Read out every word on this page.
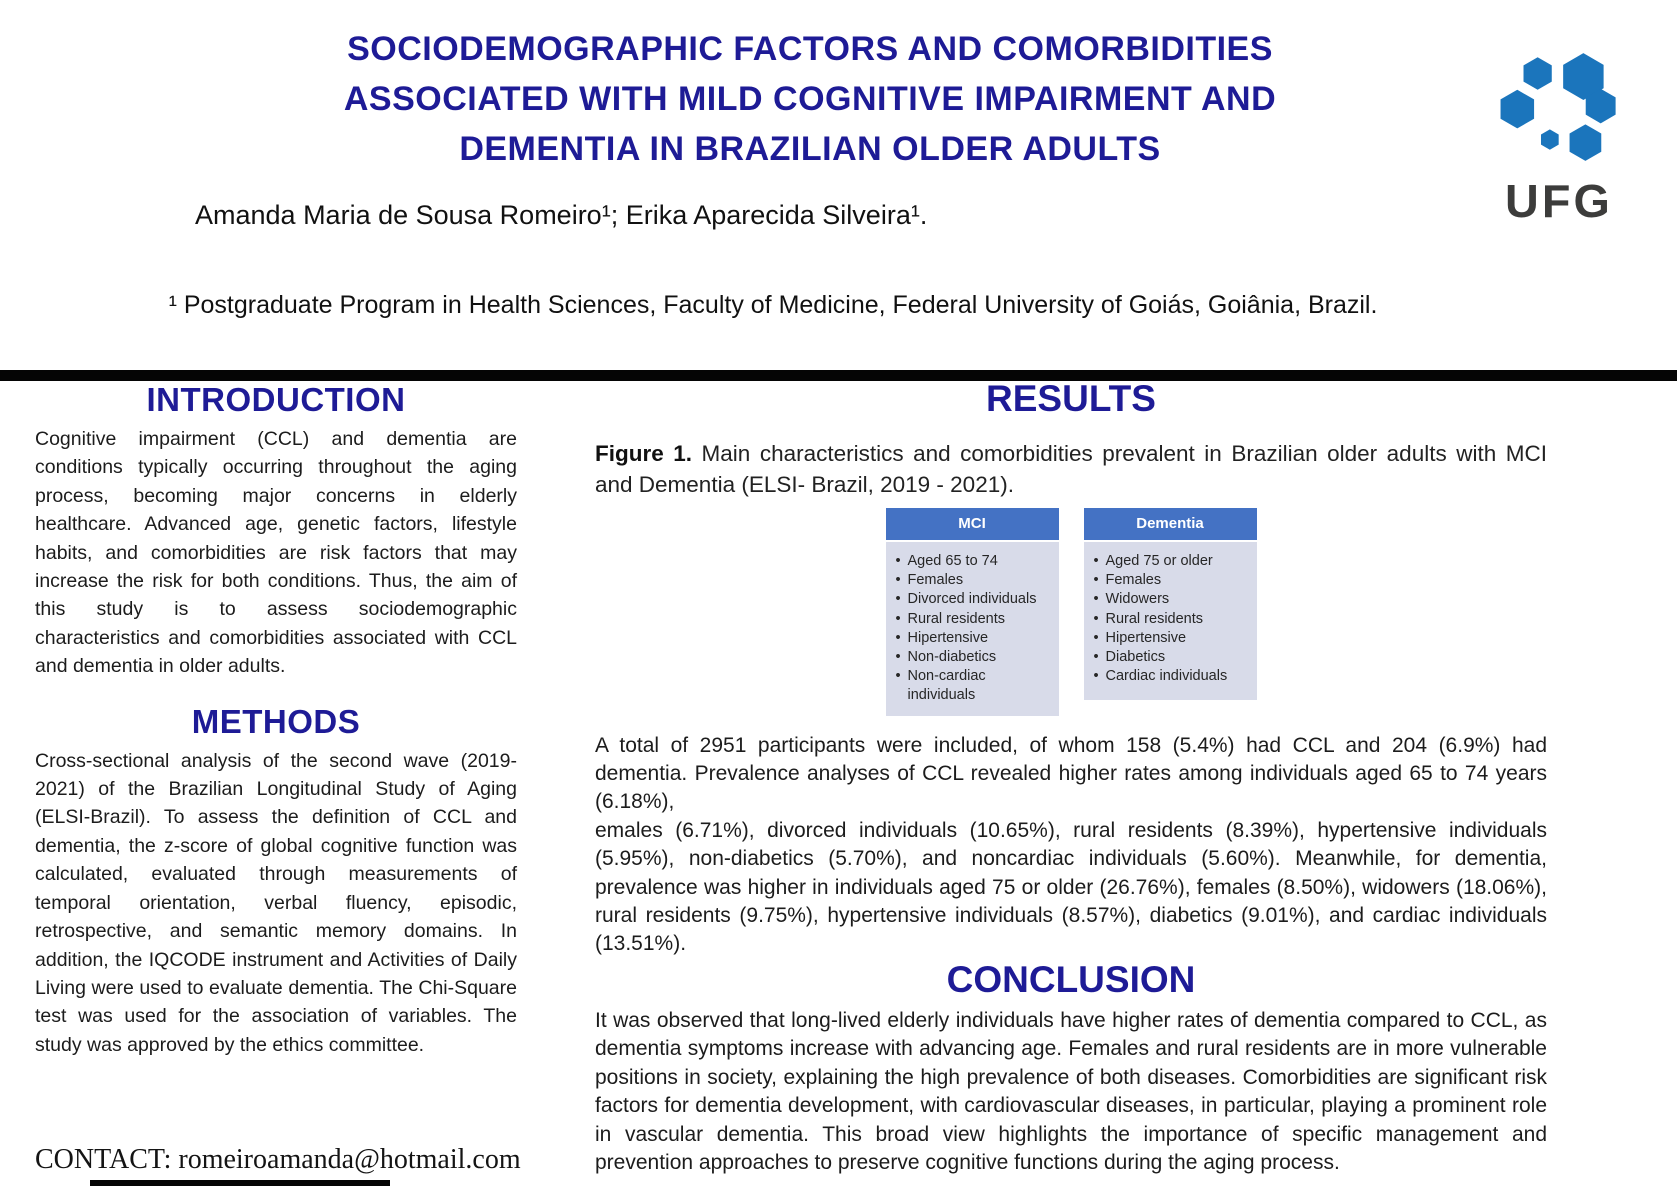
SOCIODEMOGRAPHIC FACTORS AND COMORBIDITIES
ASSOCIATED WITH MILD COGNITIVE IMPAIRMENT AND
DEMENTIA IN BRAZILIAN OLDER ADULTS
UFG
Amanda Maria de Sousa Romeiro¹; Erika Aparecida Silveira¹.
¹ Postgraduate Program in Health Sciences, Faculty of Medicine, Federal University of Goiás, Goiânia, Brazil.
INTRODUCTION

Cognitive impairment (CCL) and dementia are conditions typically occurring throughout the aging process, becoming major concerns in elderly healthcare. Advanced age, genetic factors, lifestyle habits, and comorbidities are risk factors that may increase the risk for both conditions. Thus, the aim of this study is to assess sociodemographic characteristics and comorbidities associated with CCL and dementia in older adults.

METHODS

Cross-sectional analysis of the second wave (2019-2021) of the Brazilian Longitudinal Study of Aging (ELSI-Brazil). To assess the definition of CCL and dementia, the z-score of global cognitive function was calculated, evaluated through measurements of temporal orientation, verbal fluency, episodic, retrospective, and semantic memory domains. In addition, the IQCODE instrument and Activities of Daily Living were used to evaluate dementia. The Chi-Square test was used for the association of variables. The study was approved by the ethics committee.

CONTACT: romeiroamanda@hotmail.com
RESULTS

Figure 1. Main characteristics and comorbidities prevalent in Brazilian older adults with MCI and Dementia (ELSI- Brazil, 2019 - 2021).

MCI
• Aged 65 to 74
• Females
• Divorced individuals
• Rural residents
• Hipertensive
• Non-diabetics
• Non-cardiac individuals
Dementia
• Aged 75 or older
• Females
• Widowers
• Rural residents
• Hipertensive
• Diabetics
• Cardiac individuals

A total of 2951 participants were included, of whom 158 (5.4%) had CCL and 204 (6.9%) had dementia. Prevalence analyses of CCL revealed higher rates among individuals aged 65 to 74 years (6.18%),

emales (6.71%), divorced individuals (10.65%), rural residents (8.39%), hypertensive individuals (5.95%), non-diabetics (5.70%), and noncardiac individuals (5.60%). Meanwhile, for dementia, prevalence was higher in individuals aged 75 or older (26.76%), females (8.50%), widowers (18.06%), rural residents (9.75%), hypertensive individuals (8.57%), diabetics (9.01%), and cardiac individuals (13.51%).

CONCLUSION

It was observed that long-lived elderly individuals have higher rates of dementia compared to CCL, as dementia symptoms increase with advancing age. Females and rural residents are in more vulnerable positions in society, explaining the high prevalence of both diseases. Comorbidities are significant risk factors for dementia development, with cardiovascular diseases, in particular, playing a prominent role in vascular dementia. This broad view highlights the importance of specific management and prevention approaches to preserve cognitive functions during the aging process.
